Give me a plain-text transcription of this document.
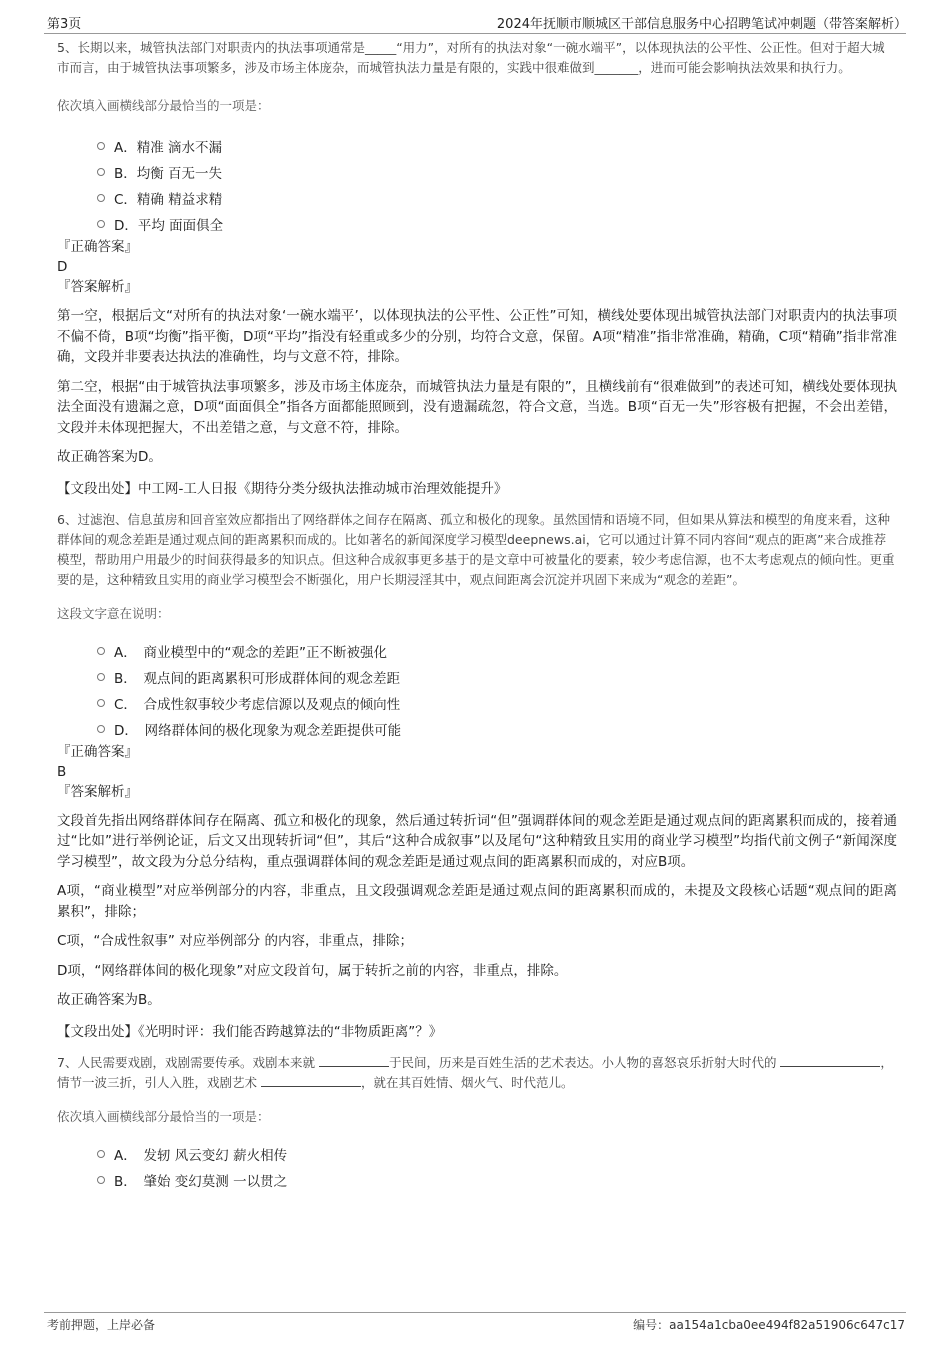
第3页	2024年抚顺市顺城区干部信息服务中心招聘笔试冲刺题（带答案解析）

5、长期以来，城管执法部门对职责内的执法事项通常是_____“用力”，对所有的执法对象“一碗水端平”，以体现执法的公平性、公正性。但对于超大城市而言，由于城管执法事项繁多，涉及市场主体庞杂，而城管执法力量是有限的，实践中很难做到_______，进而可能会影响执法效果和执行力。

依次填入画横线部分最恰当的一项是：

A．精准 滴水不漏
B．均衡 百无一失
C．精确 精益求精
D．平均 面面俱全

『正确答案』

D

『答案解析』

第一空，根据后文“对所有的执法对象‘一碗水端平’，以体现执法的公平性、公正性”可知，横线处要体现出城管执法部门对职责内的执法事项不偏不倚，B项“均衡”指平衡，D项“平均”指没有轻重或多少的分别，均符合文意，保留。A项“精准”指非常准确，精确，C项“精确”指非常准确，文段并非要表达执法的准确性，均与文意不符，排除。

第二空，根据“由于城管执法事项繁多，涉及市场主体庞杂，而城管执法力量是有限的”，且横线前有“很难做到”的表述可知，横线处要体现执法全面没有遗漏之意，D项“面面俱全”指各方面都能照顾到，没有遗漏疏忽，符合文意，当选。B项“百无一失”形容极有把握，不会出差错，文段并未体现把握大，不出差错之意，与文意不符，排除。

故正确答案为D。

【文段出处】中工网-工人日报《期待分类分级执法推动城市治理效能提升》

6、过滤泡、信息茧房和回音室效应都指出了网络群体之间存在隔离、孤立和极化的现象。虽然国情和语境不同，但如果从算法和模型的角度来看，这种群体间的观念差距是通过观点间的距离累积而成的。比如著名的新闻深度学习模型deepnews.ai，它可以通过计算不同内容间“观点的距离”来合成推荐模型，帮助用户用最少的时间获得最多的知识点。但这种合成叙事更多基于的是文章中可被量化的要素，较少考虑信源，也不太考虑观点的倾向性。更重要的是，这种精致且实用的商业学习模型会不断强化，用户长期浸淫其中，观点间距离会沉淀并巩固下来成为“观念的差距”。

这段文字意在说明：

A．　商业模型中的“观念的差距”正不断被强化
B．　观点间的距离累积可形成群体间的观念差距
C．　合成性叙事较少考虑信源以及观点的倾向性
D．　网络群体间的极化现象为观念差距提供可能

『正确答案』

B

『答案解析』

文段首先指出网络群体间存在隔离、孤立和极化的现象，然后通过转折词“但”强调群体间的观念差距是通过观点间的距离累积而成的，接着通过“比如”进行举例论证，后文又出现转折词“但”，其后“这种合成叙事”以及尾句“这种精致且实用的商业学习模型”均指代前文例子“新闻深度学习模型”，故文段为分总分结构，重点强调群体间的观念差距是通过观点间的距离累积而成的，对应B项。

A项，“商业模型”对应举例部分的内容，非重点，且文段强调观念差距是通过观点间的距离累积而成的，未提及文段核心话题“观点间的距离累积”，排除；

C项，“合成性叙事” 对应举例部分 的内容，非重点，排除；

D项，“网络群体间的极化现象”对应文段首句，属于转折之前的内容，非重点，排除。

故正确答案为B。

【文段出处】《光明时评：我们能否跨越算法的“非物质距离”？》

7、人民需要戏剧，戏剧需要传承。戏剧本来就	于民间，历来是百姓生活的艺术表达。小人物的喜怒哀乐折射大时代的	，情节一波三折，引人入胜，戏剧艺术	，就在其百姓情、烟火气、时代范儿。

依次填入画横线部分最恰当的一项是：

A．　发轫 风云变幻 薪火相传
B．　肇始 变幻莫测 一以贯之
考前押题，上岸必备	编号：aa154a1cba0ee494f82a51906c647c17
